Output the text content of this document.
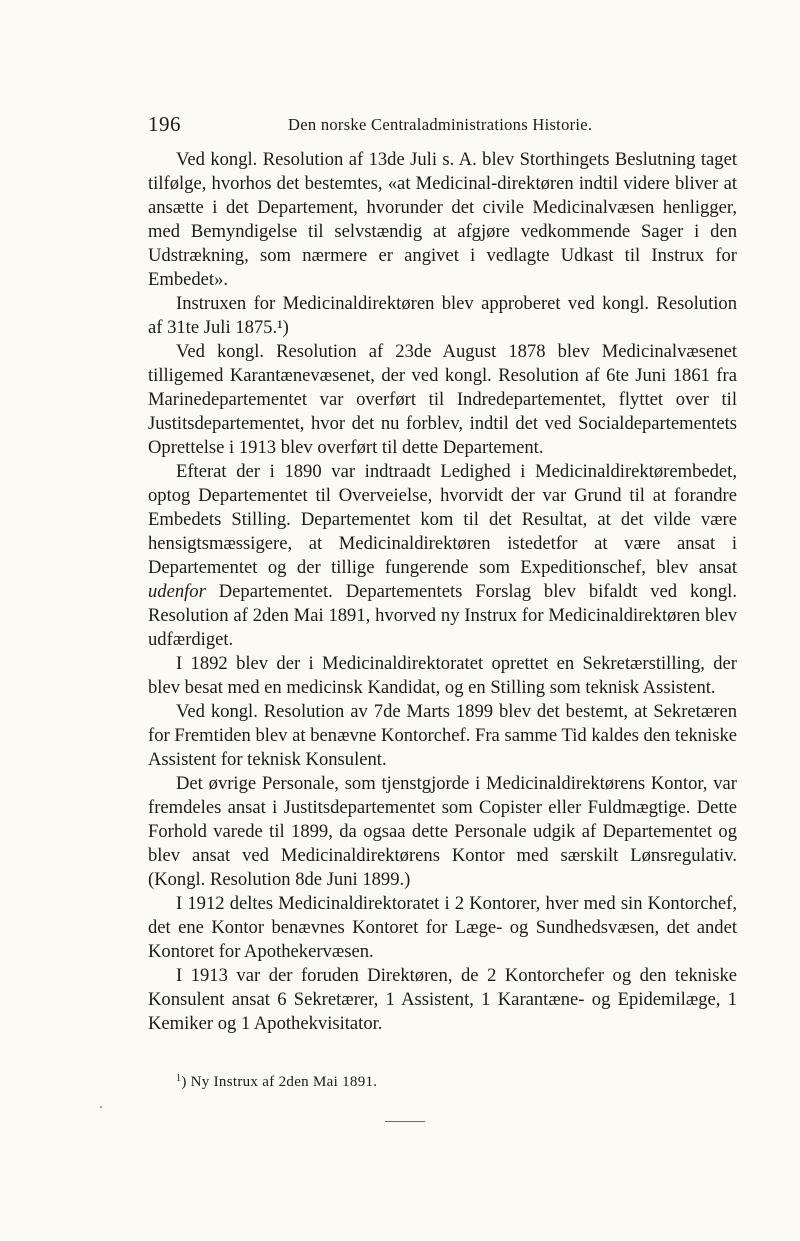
196	Den norske Centraladministrations Historie.

Ved kongl. Resolution af 13de Juli s. A. blev Storthingets Beslutning taget tilfølge, hvorhos det bestemtes, «at Medicinal-direktøren indtil videre bliver at ansætte i det Departement, hvorunder det civile Medicinalvæsen henligger, med Bemyndigelse til selvstændig at afgjøre vedkommende Sager i den Udstrækning, som nærmere er angivet i vedlagte Udkast til Instrux for Embedet».

Instruxen for Medicinaldirektøren blev approberet ved kongl. Resolution af 31te Juli 1875.¹)

Ved kongl. Resolution af 23de August 1878 blev Medicinalvæsenet tilligemed Karantænevæsenet, der ved kongl. Resolution af 6te Juni 1861 fra Marinedepartementet var overført til Indredepartementet, flyttet over til Justitsdepartementet, hvor det nu forblev, indtil det ved Socialdepartementets Oprettelse i 1913 blev overført til dette Departement.

Efterat der i 1890 var indtraadt Ledighed i Medicinaldirektørembedet, optog Departementet til Overveielse, hvorvidt der var Grund til at forandre Embedets Stilling. Departementet kom til det Resultat, at det vilde være hensigtsmæssigere, at Medicinaldirektøren istedetfor at være ansat i Departementet og der tillige fungerende som Expeditionschef, blev ansat udenfor Departementet. Departementets Forslag blev bifaldt ved kongl. Resolution af 2den Mai 1891, hvorved ny Instrux for Medicinaldirektøren blev udfærdiget.

I 1892 blev der i Medicinaldirektoratet oprettet en Sekretærstilling, der blev besat med en medicinsk Kandidat, og en Stilling som teknisk Assistent.

Ved kongl. Resolution av 7de Marts 1899 blev det bestemt, at Sekretæren for Fremtiden blev at benævne Kontorchef. Fra samme Tid kaldes den tekniske Assistent for teknisk Konsulent.

Det øvrige Personale, som tjenstgjorde i Medicinaldirektørens Kontor, var fremdeles ansat i Justitsdepartementet som Copister eller Fuldmægtige. Dette Forhold varede til 1899, da ogsaa dette Personale udgik af Departementet og blev ansat ved Medicinaldirektørens Kontor med særskilt Lønsregulativ. (Kongl. Resolution 8de Juni 1899.)

I 1912 deltes Medicinaldirektoratet i 2 Kontorer, hver med sin Kontorchef, det ene Kontor benævnes Kontoret for Læge- og Sundhedsvæsen, det andet Kontoret for Apothekervæsen.

I 1913 var der foruden Direktøren, de 2 Kontorchefer og den tekniske Konsulent ansat 6 Sekretærer, 1 Assistent, 1 Karantæne- og Epidemilæge, 1 Kemiker og 1 Apothekvisitator.

$^1$) Ny Instrux af 2den Mai 1891.
